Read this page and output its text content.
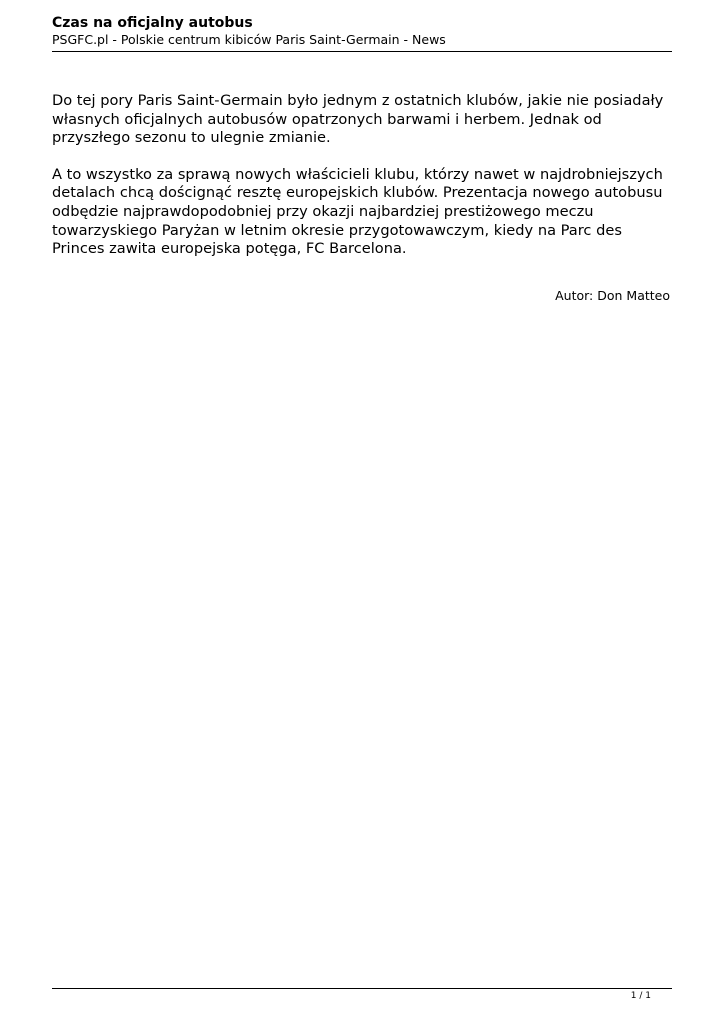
Czas na oficjalny autobus

PSGFC.pl - Polskie centrum kibiców Paris Saint-Germain - News

Do tej pory Paris Saint-Germain było jednym z ostatnich klubów, jakie nie posiadały własnych oficjalnych autobusów opatrzonych barwami i herbem. Jednak od przyszłego sezonu to ulegnie zmianie.

A to wszystko za sprawą nowych właścicieli klubu, którzy nawet w najdrobniejszych detalach chcą doścignąć resztę europejskich klubów. Prezentacja nowego autobusu odbędzie najprawdopodobniej przy okazji najbardziej prestiżowego meczu towarzyskiego Paryżan w letnim okresie przygotowawczym, kiedy na Parc des Princes zawita europejska potęga, FC Barcelona.

Autor: Don Matteo
1 / 1
